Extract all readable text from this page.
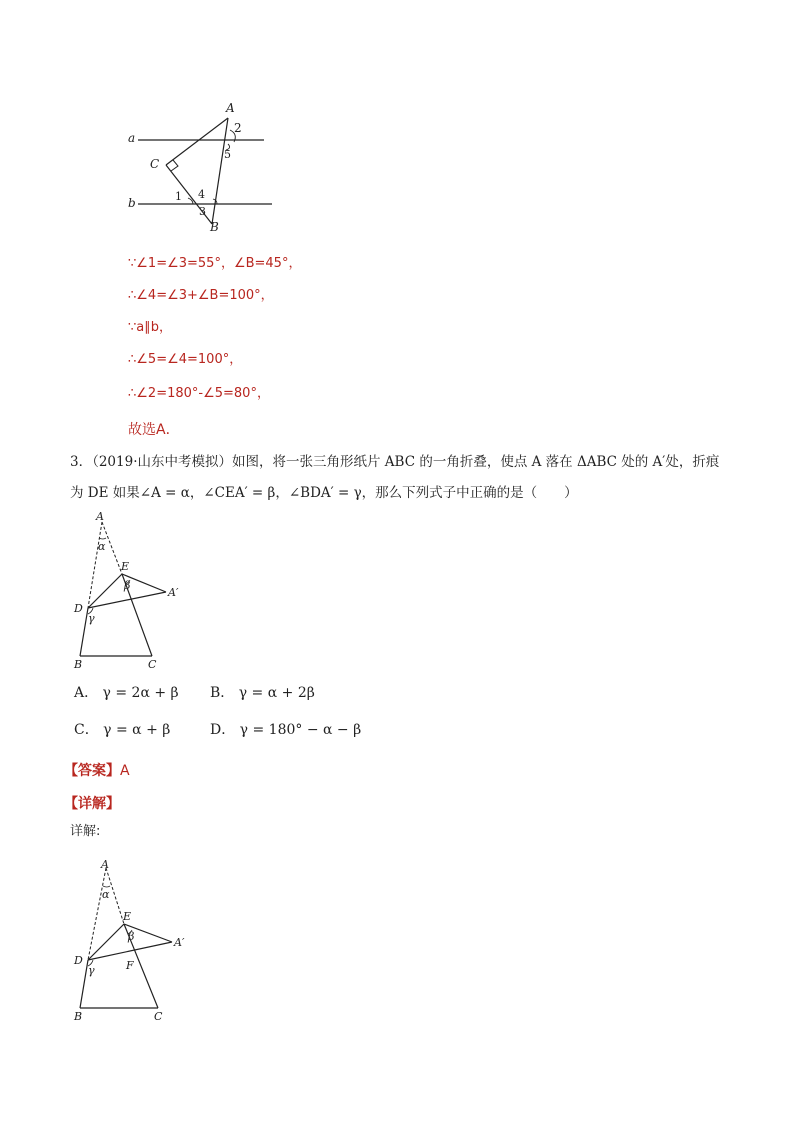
A
a
b
C
B
2
5
1 4
3
∵∠1=∠3=55°，∠B=45°，
∴∠4=∠3+∠B=100°，
∵a∥b，
∴∠5=∠4=100°，
∴∠2=180°-∠5=80°，
故选A．
3．（2019·山东中考模拟）如图，将一张三角形纸片 ABC 的一角折叠，使点 A 落在 ΔABC 处的 A′处，折痕
为 DE 如果∠A = α，∠CEA′ = β，∠BDA′ = γ，那么下列式子中正确的是（　　）
A
α
E
β
A′
D
γ
B	C
A． γ = 2α + β B． γ = α + 2β
C． γ = α + β	D． γ = 180° − α − β
【答案】A
【详解】
详解:
A
α
E
β	A′
D
γ	F
B	C
